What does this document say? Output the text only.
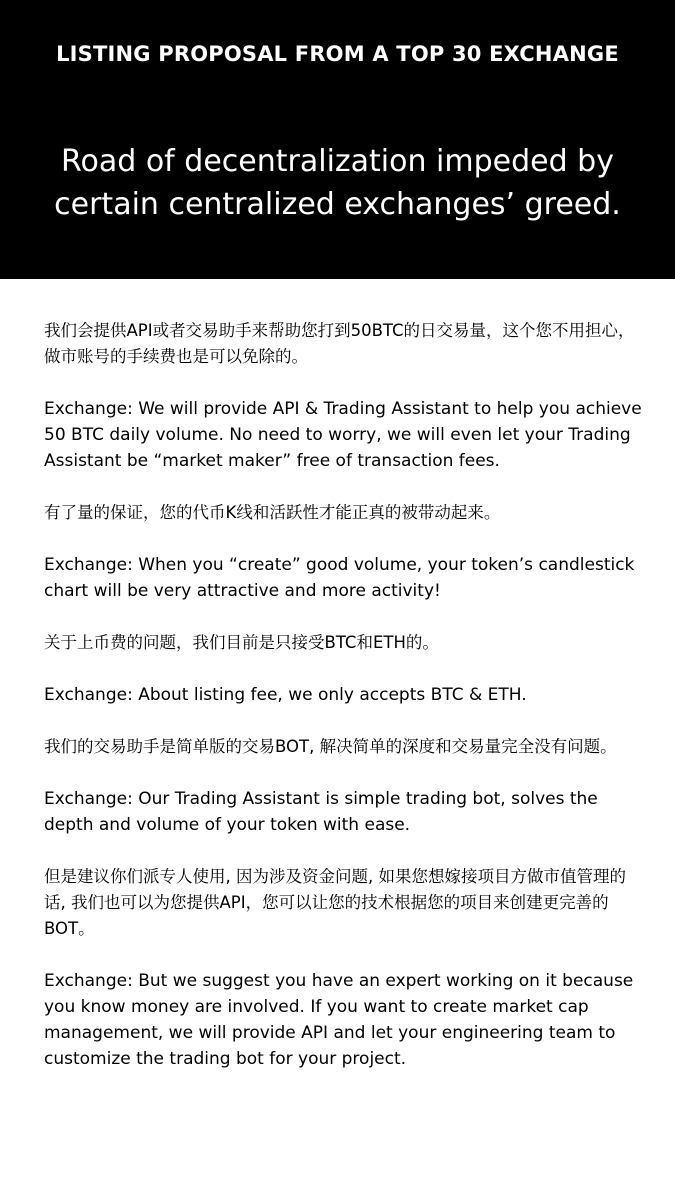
LISTING PROPOSAL FROM A TOP 30 EXCHANGE
Road of decentralization impeded by certain centralized exchanges’ greed.

我们会提供API或者交易助手来帮助您打到50BTC的日交易量，这个您不用担心，做市账号的手续费也是可以免除的。

Exchange: We will provide API & Trading Assistant to help you achieve 50 BTC daily volume. No need to worry, we will even let your Trading Assistant be “market maker” free of transaction fees.

有了量的保证，您的代币K线和活跃性才能正真的被带动起来。

Exchange: When you “create” good volume, your token’s candlestick chart will be very attractive and more activity!

关于上币费的问题，我们目前是只接受BTC和ETH的。

Exchange: About listing fee, we only accepts BTC & ETH.

我们的交易助手是简单版的交易BOT, 解决简单的深度和交易量完全没有问题。

Exchange: Our Trading Assistant is simple trading bot, solves the depth and volume of your token with ease.

但是建议你们派专人使用, 因为涉及资金问题, 如果您想嫁接项目方做市值管理的话, 我们也可以为您提供API，您可以让您的技术根据您的项目来创建更完善的BOT。

Exchange: But we suggest you have an expert working on it because you know money are involved. If you want to create market cap management, we will provide API and let your engineering team to customize the trading bot for your project.
